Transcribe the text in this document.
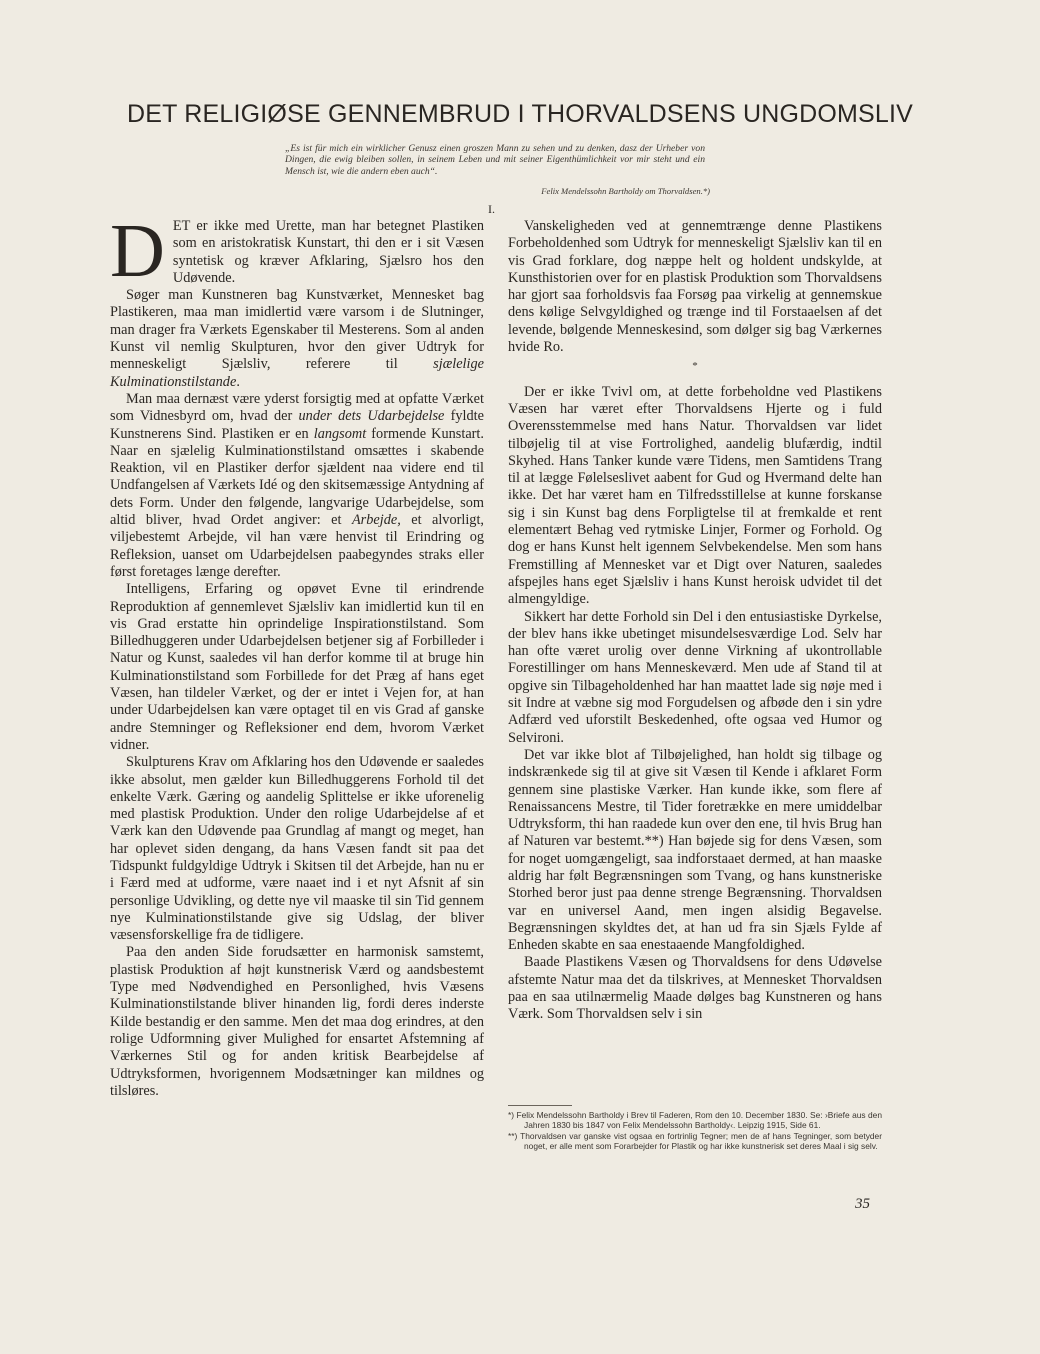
DET RELIGIØSE GENNEMBRUD I THORVALDSENS UNGDOMSLIV
„Es ist für mich ein wirklicher Genusz einen groszen Mann zu sehen und zu denken, dasz der Urheber von Dingen, die ewig bleiben sollen, in seinem Leben und mit seiner Eigenthümlichkeit vor mir steht und ein Mensch ist, wie die andern eben auch“.
Felix Mendelssohn Bartholdy om Thorvaldsen.*)
I.

DET er ikke med Urette, man har betegnet Plastiken som en aristokratisk Kunstart, thi den er i sit Væsen syntetisk og kræver Afklaring, Sjælsro hos den Udøvende.

Søger man Kunstneren bag Kunstværket, Mennesket bag Plastikeren, maa man imidlertid være varsom i de Slutninger, man drager fra Værkets Egenskaber til Mesterens. Som al anden Kunst vil nemlig Skulpturen, hvor den giver Udtryk for menneskeligt Sjælsliv, referere til sjælelige Kulminationstilstande.

Man maa dernæst være yderst forsigtig med at opfatte Værket som Vidnesbyrd om, hvad der under dets Udarbejdelse fyldte Kunstnerens Sind. Plastiken er en langsomt formende Kunstart. Naar en sjælelig Kulminationstilstand omsættes i skabende Reaktion, vil en Plastiker derfor sjældent naa videre end til Undfangelsen af Værkets Idé og den skitsemæssige Antydning af dets Form. Under den følgende, langvarige Udarbejdelse, som altid bliver, hvad Ordet angiver: et Arbejde, et alvorligt, viljebestemt Arbejde, vil han være henvist til Erindring og Refleksion, uanset om Udarbejdelsen paabegyndes straks eller først foretages længe derefter.

Intelligens, Erfaring og opøvet Evne til erindrende Reproduktion af gennemlevet Sjælsliv kan imidlertid kun til en vis Grad erstatte hin oprindelige Inspirationstilstand. Som Billedhuggeren under Udarbejdelsen betjener sig af Forbilleder i Natur og Kunst, saaledes vil han derfor komme til at bruge hin Kulminationstilstand som Forbillede for det Præg af hans eget Væsen, han tildeler Værket, og der er intet i Vejen for, at han under Udarbejdelsen kan være optaget til en vis Grad af ganske andre Stemninger og Refleksioner end dem, hvorom Værket vidner.

Skulpturens Krav om Afklaring hos den Udøvende er saaledes ikke absolut, men gælder kun Billedhuggerens Forhold til det enkelte Værk. Gæring og aandelig Splittelse er ikke uforenelig med plastisk Produktion. Under den rolige Udarbejdelse af et Værk kan den Udøvende paa Grundlag af mangt og meget, han har oplevet siden dengang, da hans Væsen fandt sit paa det Tidspunkt fuldgyldige Udtryk i Skitsen til det Arbejde, han nu er i Færd med at udforme, være naaet ind i et nyt Afsnit af sin personlige Udvikling, og dette nye vil maaske til sin Tid gennem nye Kulminationstilstande give sig Udslag, der bliver væsensforskellige fra de tidligere.

Paa den anden Side forudsætter en harmonisk samstemt, plastisk Produktion af højt kunstnerisk Værd og aandsbestemt Type med Nødvendighed en Personlighed, hvis Væsens Kulminationstilstande bliver hinanden lig, fordi deres inderste Kilde bestandig er den samme. Men det maa dog erindres, at den rolige Udformning giver Mulighed for ensartet Afstemning af Værkernes Stil og for anden kritisk Bearbejdelse af Udtryksformen, hvorigennem Modsætninger kan mildnes og tilsløres.

Vanskeligheden ved at gennemtrænge denne Plastikens Forbeholdenhed som Udtryk for menneskeligt Sjælsliv kan til en vis Grad forklare, dog næppe helt og holdent undskylde, at Kunsthistorien over for en plastisk Produktion som Thorvaldsens har gjort saa forholdsvis faa Forsøg paa virkelig at gennemskue dens kølige Selvgyldighed og trænge ind til Forstaaelsen af det levende, bølgende Menneskesind, som dølger sig bag Værkernes hvide Ro.

*

Der er ikke Tvivl om, at dette forbeholdne ved Plastikens Væsen har været efter Thorvaldsens Hjerte og i fuld Overensstemmelse med hans Natur. Thorvaldsen var lidet tilbøjelig til at vise Fortrolighed, aandelig blufærdig, indtil Skyhed. Hans Tanker kunde være Tidens, men Samtidens Trang til at lægge Følelseslivet aabent for Gud og Hvermand delte han ikke. Det har været ham en Tilfredsstillelse at kunne forskanse sig i sin Kunst bag dens Forpligtelse til at fremkalde et rent elementært Behag ved rytmiske Linjer, Former og Forhold. Og dog er hans Kunst helt igennem Selvbekendelse. Men som hans Fremstilling af Mennesket var et Digt over Naturen, saaledes afspejles hans eget Sjælsliv i hans Kunst heroisk udvidet til det almengyldige.

Sikkert har dette Forhold sin Del i den entusiastiske Dyrkelse, der blev hans ikke ubetinget misundelsesværdige Lod. Selv har han ofte været urolig over denne Virkning af ukontrollable Forestillinger om hans Menneskeværd. Men ude af Stand til at opgive sin Tilbageholdenhed har han maattet lade sig nøje med i sit Indre at væbne sig mod Forgudelsen og afbøde den i sin ydre Adfærd ved uforstilt Beskedenhed, ofte ogsaa ved Humor og Selvironi.

Det var ikke blot af Tilbøjelighed, han holdt sig tilbage og indskrænkede sig til at give sit Væsen til Kende i afklaret Form gennem sine plastiske Værker. Han kunde ikke, som flere af Renaissancens Mestre, til Tider foretrække en mere umiddelbar Udtryksform, thi han raadede kun over den ene, til hvis Brug han af Naturen var bestemt.**) Han bøjede sig for dens Væsen, som for noget uomgængeligt, saa indforstaaet dermed, at han maaske aldrig har følt Begrænsningen som Tvang, og hans kunstneriske Storhed beror just paa denne strenge Begrænsning. Thorvaldsen var en universel Aand, men ingen alsidig Begavelse. Begrænsningen skyldtes det, at han ud fra sin Sjæls Fylde af Enheden skabte en saa enestaaende Mangfoldighed.

Baade Plastikens Væsen og Thorvaldsens for dens Udøvelse afstemte Natur maa det da tilskrives, at Mennesket Thorvaldsen paa en saa utilnærmelig Maade dølges bag Kunstneren og hans Værk. Som Thorvaldsen selv i sin

*) Felix Mendelssohn Bartholdy i Brev til Faderen, Rom den 10. December 1830. Se: ›Briefe aus den Jahren 1830 bis 1847 von Felix Mendelssohn Bartholdy‹. Leipzig 1915, Side 61.

**) Thorvaldsen var ganske vist ogsaa en fortrinlig Tegner; men de af hans Tegninger, som betyder noget, er alle ment som Forarbejder for Plastik og har ikke kunstnerisk set deres Maal i sig selv.

35
